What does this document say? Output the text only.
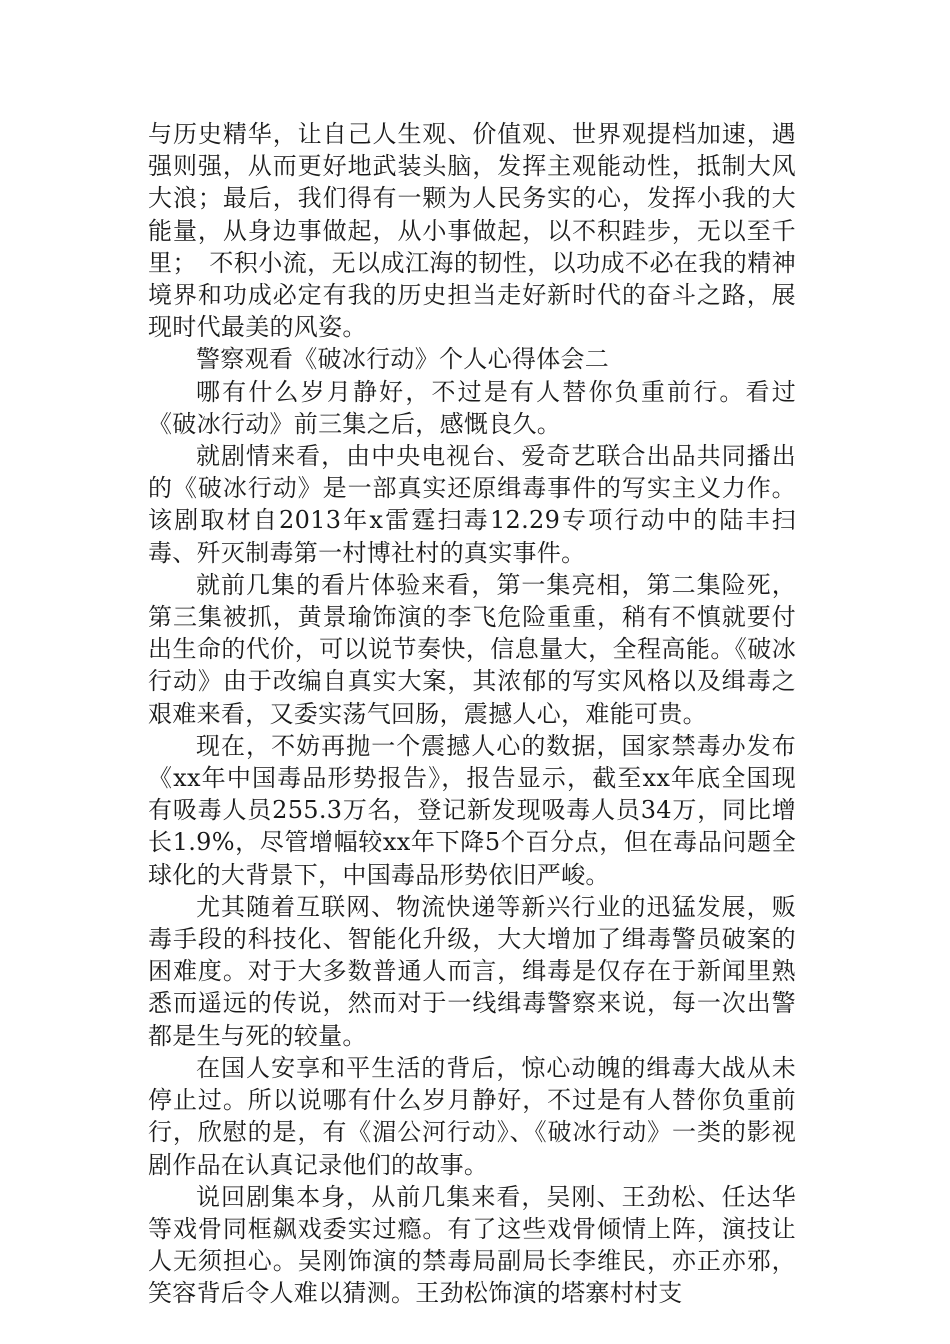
与历史精华，让自己人生观、价值观、世界观提档加速，遇强则强，从而更好地武装头脑，发挥主观能动性，抵制大风大浪；最后，我们得有一颗为人民务实的心，发挥小我的大能量，从身边事做起，从小事做起，以不积跬步，无以至千里；　不积小流，无以成江海的韧性，以功成不必在我的精神境界和功成必定有我的历史担当走好新时代的奋斗之路，展现时代最美的风姿。

警察观看《破冰行动》个人心得体会二

哪有什么岁月静好，不过是有人替你负重前行。看过《破冰行动》前三集之后，感慨良久。

就剧情来看，由中央电视台、爱奇艺联合出品共同播出的《破冰行动》是一部真实还原缉毒事件的写实主义力作。该剧取材自2013年x雷霆扫毒12.29专项行动中的陆丰扫毒、歼灭制毒第一村博社村的真实事件。

就前几集的看片体验来看，第一集亮相，第二集险死，第三集被抓，黄景瑜饰演的李飞危险重重，稍有不慎就要付出生命的代价，可以说节奏快，信息量大，全程高能。《破冰行动》由于改编自真实大案，其浓郁的写实风格以及缉毒之艰难来看，又委实荡气回肠，震撼人心，难能可贵。

现在，不妨再抛一个震撼人心的数据，国家禁毒办发布《xx年中国毒品形势报告》，报告显示，截至xx年底全国现有吸毒人员255.3万名，登记新发现吸毒人员34万，同比增长1.9%，尽管增幅较xx年下降5个百分点，但在毒品问题全球化的大背景下，中国毒品形势依旧严峻。

尤其随着互联网、物流快递等新兴行业的迅猛发展，贩毒手段的科技化、智能化升级，大大增加了缉毒警员破案的困难度。对于大多数普通人而言，缉毒是仅存在于新闻里熟悉而遥远的传说，然而对于一线缉毒警察来说，每一次出警都是生与死的较量。

在国人安享和平生活的背后，惊心动魄的缉毒大战从未停止过。所以说哪有什么岁月静好，不过是有人替你负重前行，欣慰的是，有《湄公河行动》、《破冰行动》一类的影视剧作品在认真记录他们的故事。

说回剧集本身，从前几集来看，吴刚、王劲松、任达华等戏骨同框飙戏委实过瘾。有了这些戏骨倾情上阵，演技让人无须担心。吴刚饰演的禁毒局副局长李维民，亦正亦邪，笑容背后令人难以猜测。王劲松饰演的塔寨村村支
